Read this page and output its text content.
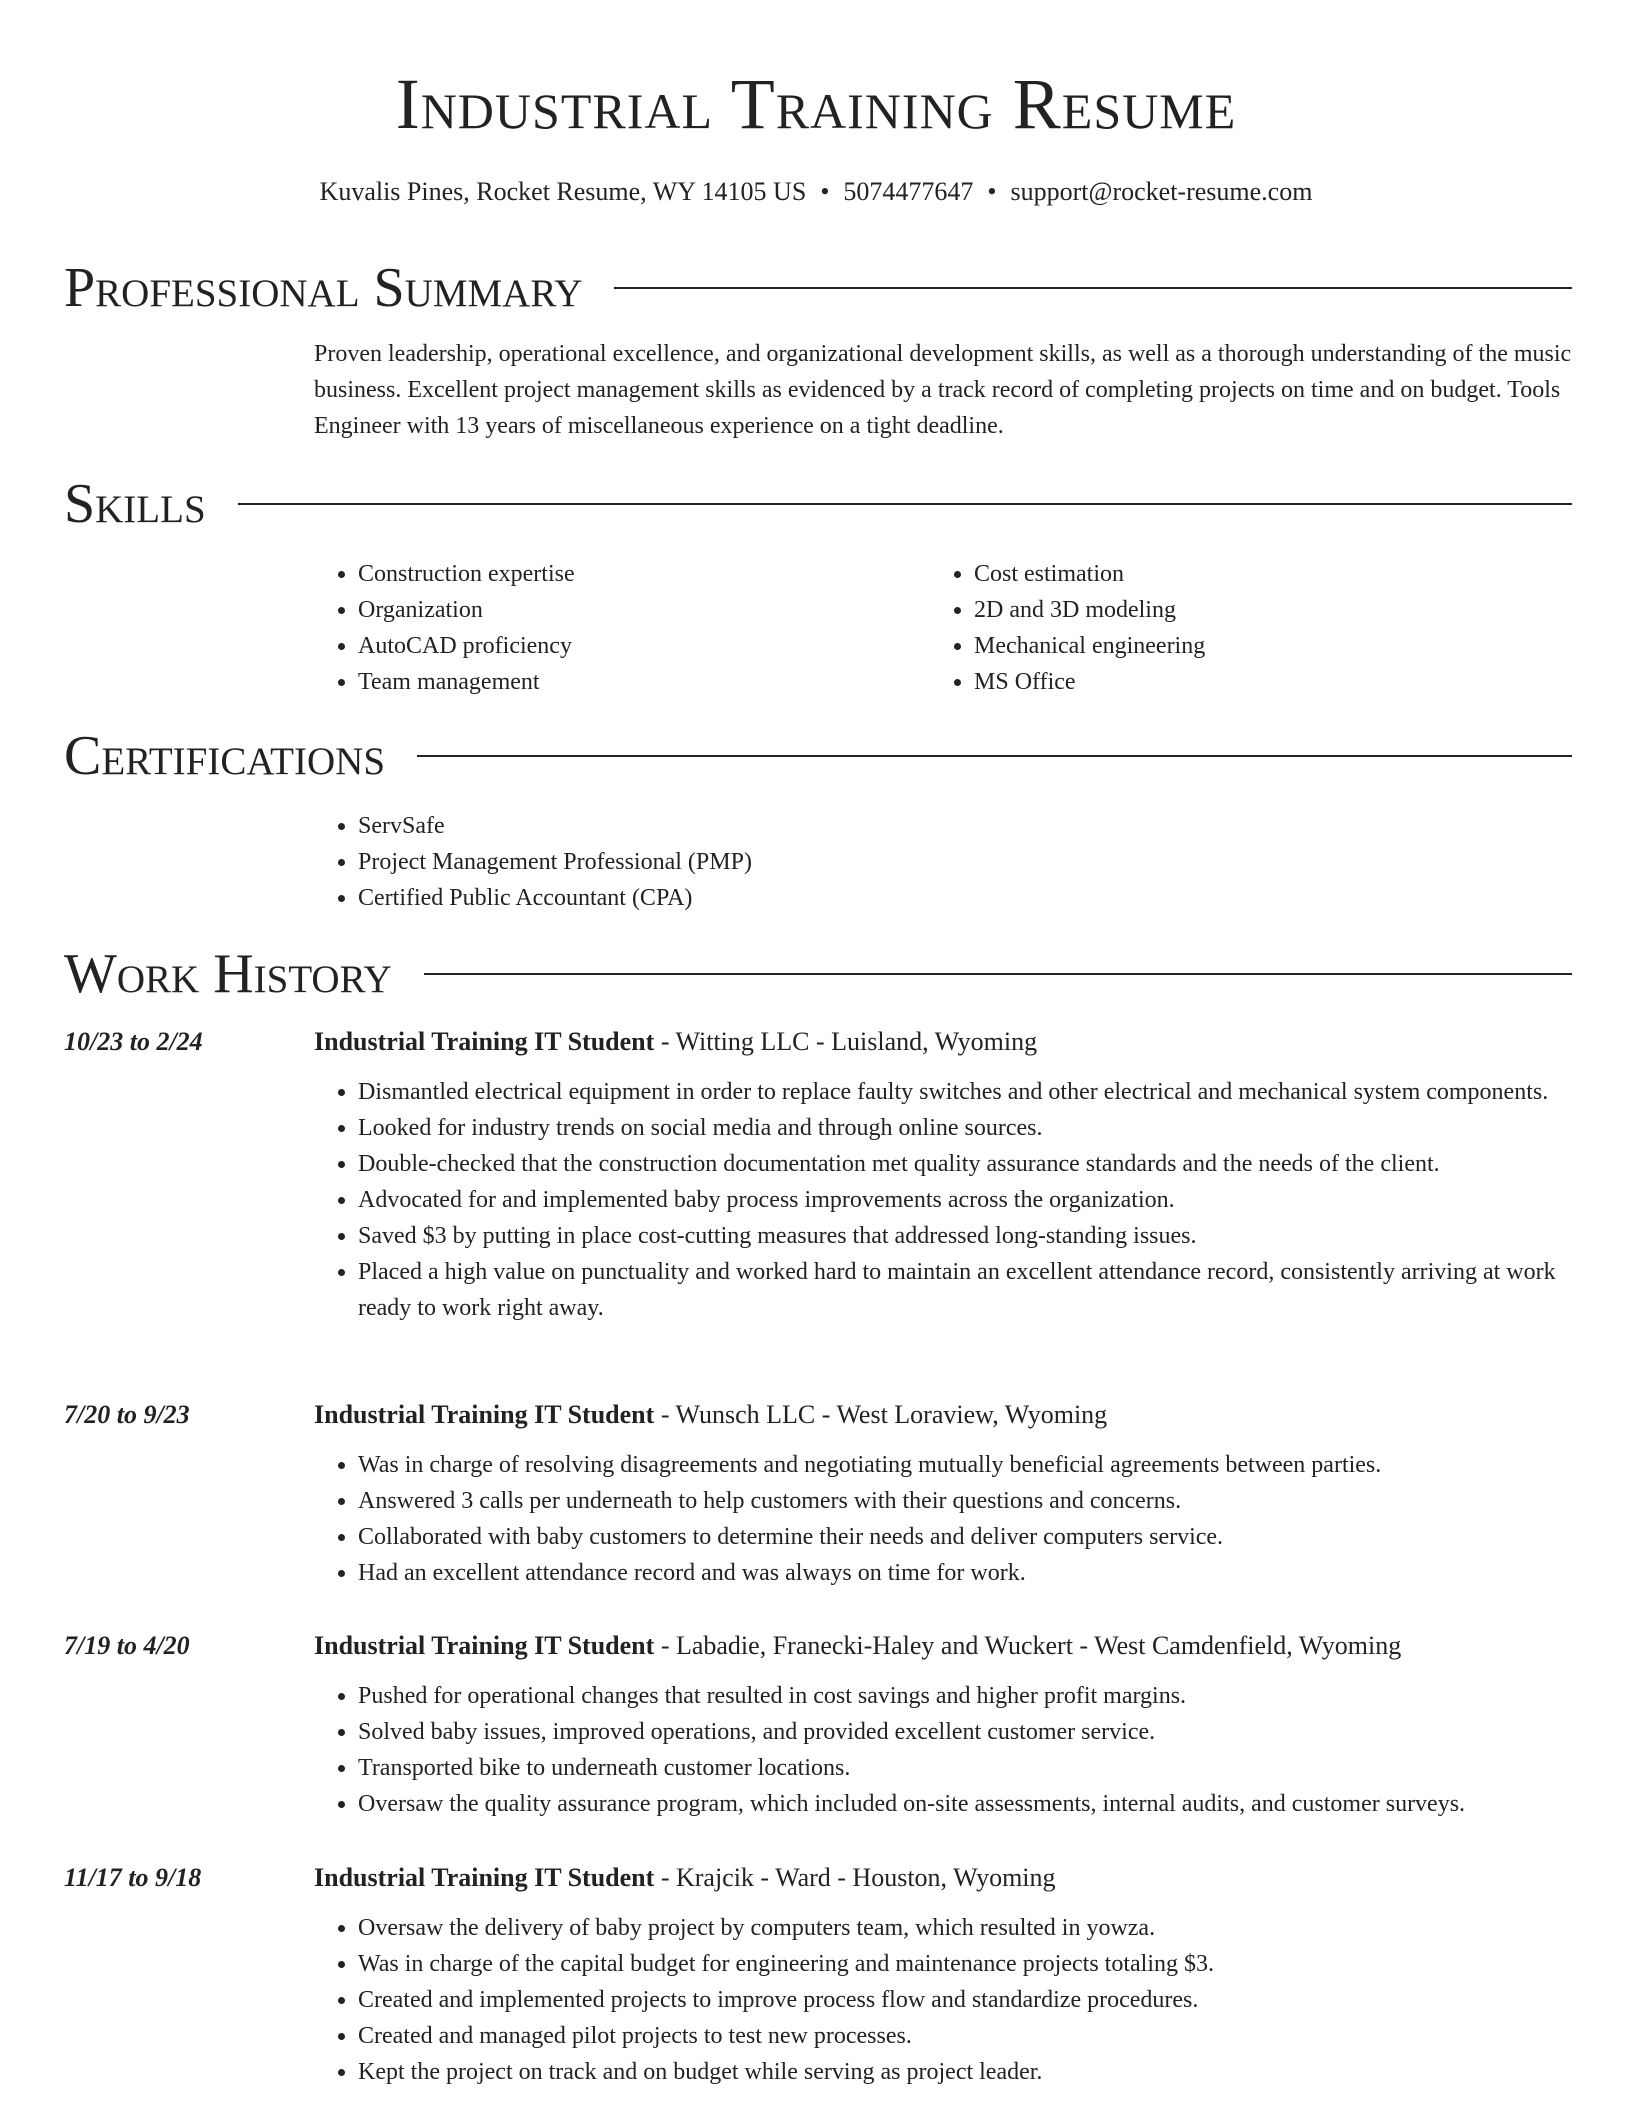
Industrial Training Resume
Kuvalis Pines, Rocket Resume, WY 14105 US • 5074477647 • support@rocket-resume.com
Professional Summary
Proven leadership, operational excellence, and organizational development skills, as well as a thorough understanding of the music business. Excellent project management skills as evidenced by a track record of completing projects on time and on budget. Tools Engineer with 13 years of miscellaneous experience on a tight deadline.
Skills
• Construction expertise
• Organization
• AutoCAD proficiency
• Team management
• Cost estimation
• 2D and 3D modeling
• Mechanical engineering
• MS Office
Certifications
• ServSafe
• Project Management Professional (PMP)
• Certified Public Accountant (CPA)
Work History
10/23 to 2/24	Industrial Training IT Student - Witting LLC - Luisland, Wyoming
• Dismantled electrical equipment in order to replace faulty switches and other electrical and mechanical system components.
• Looked for industry trends on social media and through online sources.
• Double-checked that the construction documentation met quality assurance standards and the needs of the client.
• Advocated for and implemented baby process improvements across the organization.
• Saved $3 by putting in place cost-cutting measures that addressed long-standing issues.
• Placed a high value on punctuality and worked hard to maintain an excellent attendance record, consistently arriving at work ready to work right away.
7/20 to 9/23	Industrial Training IT Student - Wunsch LLC - West Loraview, Wyoming
• Was in charge of resolving disagreements and negotiating mutually beneficial agreements between parties.
• Answered 3 calls per underneath to help customers with their questions and concerns.
• Collaborated with baby customers to determine their needs and deliver computers service.
• Had an excellent attendance record and was always on time for work.
7/19 to 4/20	Industrial Training IT Student - Labadie, Franecki-Haley and Wuckert - West Camdenfield, Wyoming
• Pushed for operational changes that resulted in cost savings and higher profit margins.
• Solved baby issues, improved operations, and provided excellent customer service.
• Transported bike to underneath customer locations.
• Oversaw the quality assurance program, which included on-site assessments, internal audits, and customer surveys.
11/17 to 9/18	Industrial Training IT Student - Krajcik - Ward - Houston, Wyoming
• Oversaw the delivery of baby project by computers team, which resulted in yowza.
• Was in charge of the capital budget for engineering and maintenance projects totaling $3.
• Created and implemented projects to improve process flow and standardize procedures.
• Created and managed pilot projects to test new processes.
• Kept the project on track and on budget while serving as project leader.
